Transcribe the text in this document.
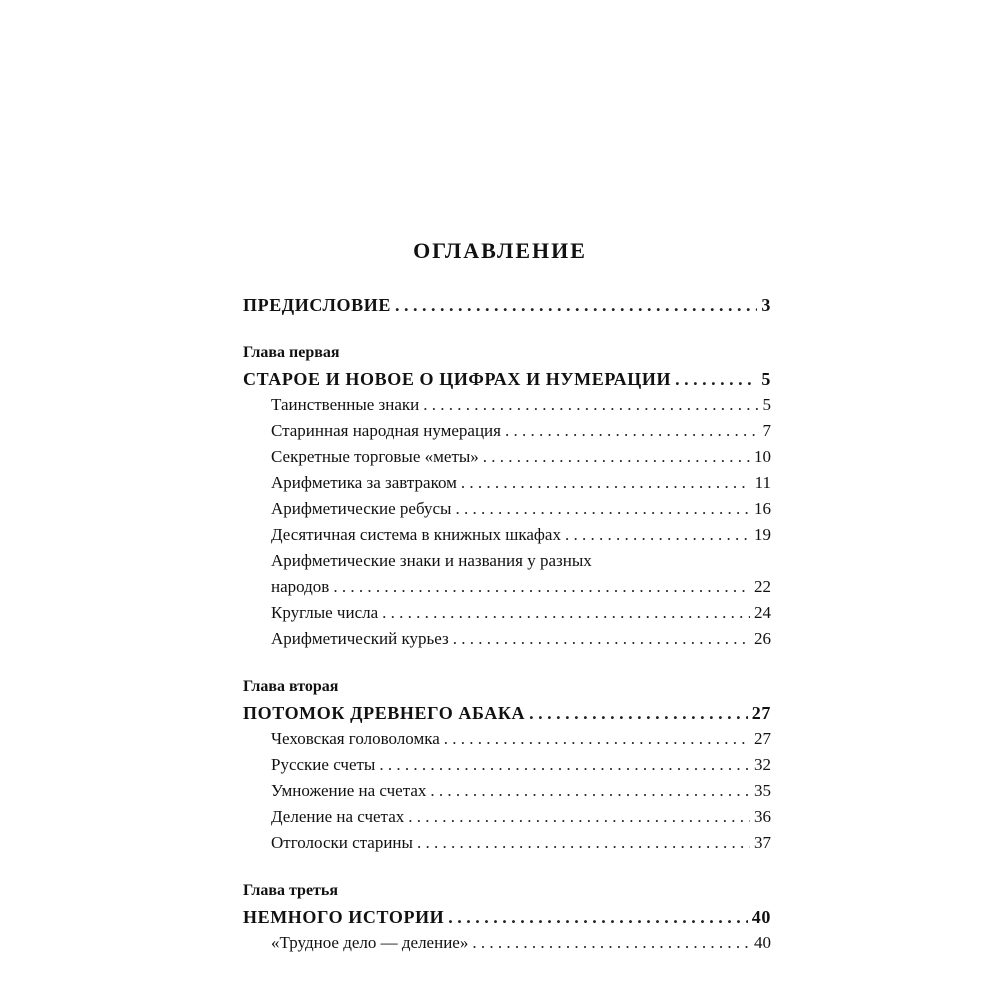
ОГЛАВЛЕНИЕ
ПРЕДИСЛОВИЕ . . .	3
Глава первая
СТАРОЕ И НОВОЕ О ЦИФРАХ И НУМЕРАЦИИ . . .	5
Таинственные знаки . . .	5
Старинная народная нумерация . . .	7
Секретные торговые «меты» . . .	10
Арифметика за завтраком . . .	11
Арифметические ребусы . . .	16
Десятичная система в книжных шкафах . . .	19
Арифметические знаки и названия у разных
народов . . .	22
Круглые числа . . .	24
Арифметический курьез . . .	26
Глава вторая
ПОТОМОК ДРЕВНЕГО АБАКА . . .	27
Чеховская головоломка . . .	27
Русские счеты . . .	32
Умножение на счетах . . .	35
Деление на счетах . . .	36
Отголоски старины . . .	37
Глава третья
НЕМНОГО ИСТОРИИ . . .	40
«Трудное дело — деление» . . .	40
